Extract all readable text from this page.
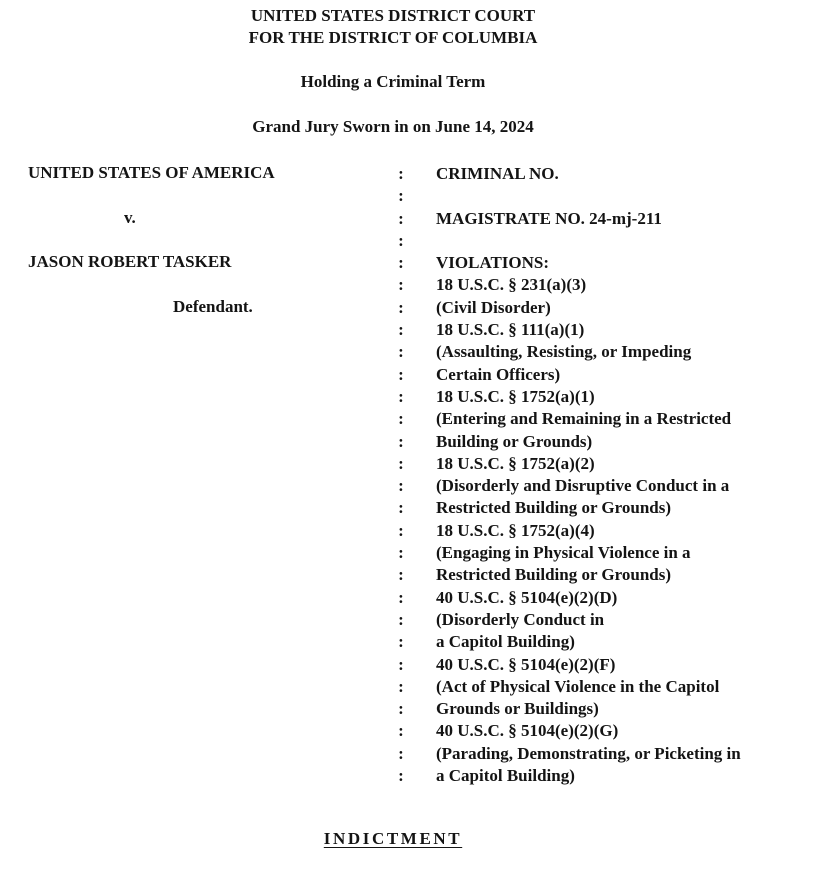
UNITED STATES DISTRICT COURT
FOR THE DISTRICT OF COLUMBIA
Holding a Criminal Term
Grand Jury Sworn in on June 14, 2024
UNITED STATES OF AMERICA
v.
JASON ROBERT TASKER
Defendant.
:
:
:
:
:
:
:
:
:
:
:
:
:
:
:
:
:
:
:
:
:
:
:
:
:
:
:
:
CRIMINAL NO.
MAGISTRATE NO. 24-mj-211
VIOLATIONS:
18 U.S.C. § 231(a)(3)
(Civil Disorder)
18 U.S.C. § 111(a)(1)
(Assaulting, Resisting, or Impeding
Certain Officers)
18 U.S.C. § 1752(a)(1)
(Entering and Remaining in a Restricted
Building or Grounds)
18 U.S.C. § 1752(a)(2)
(Disorderly and Disruptive Conduct in a
Restricted Building or Grounds)
18 U.S.C. § 1752(a)(4)
(Engaging in Physical Violence in a
Restricted Building or Grounds)
40 U.S.C. § 5104(e)(2)(D)
(Disorderly Conduct in
a Capitol Building)
40 U.S.C. § 5104(e)(2)(F)
(Act of Physical Violence in the Capitol
Grounds or Buildings)
40 U.S.C. § 5104(e)(2)(G)
(Parading, Demonstrating, or Picketing in
a Capitol Building)
INDICTMENT
